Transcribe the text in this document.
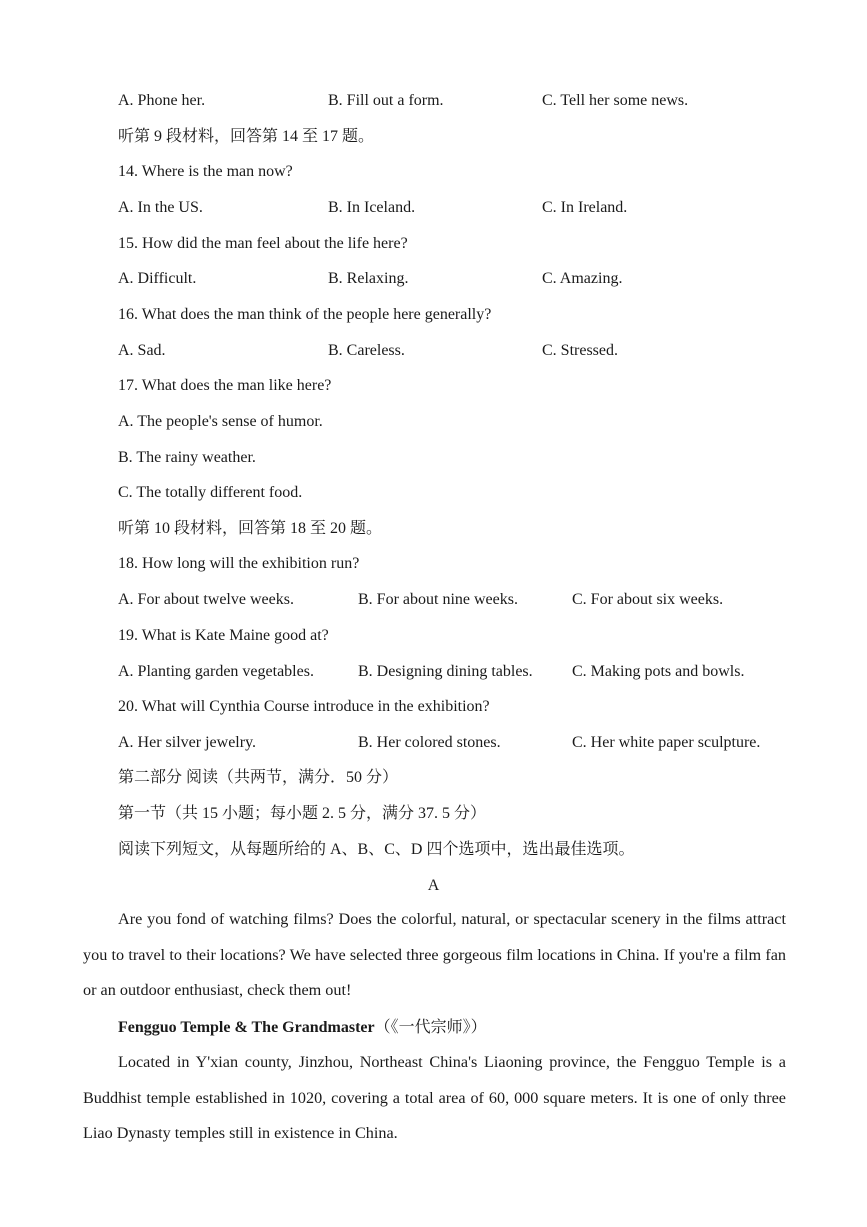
A. Phone her.	B. Fill out a form.	C. Tell her some news.
听第 9 段材料，回答第 14 至 17 题。
14. Where is the man now?
A. In the US.	B. In Iceland.	C. In Ireland.
15. How did the man feel about the life here?
A. Difficult.	B. Relaxing.	C. Amazing.
16. What does the man think of the people here generally?
A. Sad.	B. Careless.	C. Stressed.
17. What does the man like here?
A. The people's sense of humor.
B. The rainy weather.
C. The totally different food.
听第 10 段材料，回答第 18 至 20 题。
18. How long will the exhibition run?
A. For about twelve weeks.	B. For about nine weeks.	C. For about six weeks.
19. What is Kate Maine good at?
A. Planting garden vegetables.	B. Designing dining tables. C. Making pots and bowls.
20. What will Cynthia Course introduce in the exhibition?
A. Her silver jewelry.	B. Her colored stones.	C. Her white paper sculpture.
第二部分 阅读（共两节，满分．50 分）
第一节（共 15 小题；每小题 2. 5 分，满分 37. 5 分）
阅读下列短文，从每题所给的 A、B、C、D 四个选项中，选出最佳选项。
A
Are you fond of watching films? Does the colorful, natural, or spectacular scenery in the films attract you to travel to their locations? We have selected three gorgeous film locations in China. If you're a film fan or an outdoor enthusiast, check them out!
Fengguo Temple & The Grandmaster（《一代宗师》）
Located in Y'xian county, Jinzhou, Northeast China's Liaoning province, the Fengguo Temple is a Buddhist temple established in 1020, covering a total area of 60, 000 square meters. It is one of only three Liao Dynasty temples still in existence in China.
